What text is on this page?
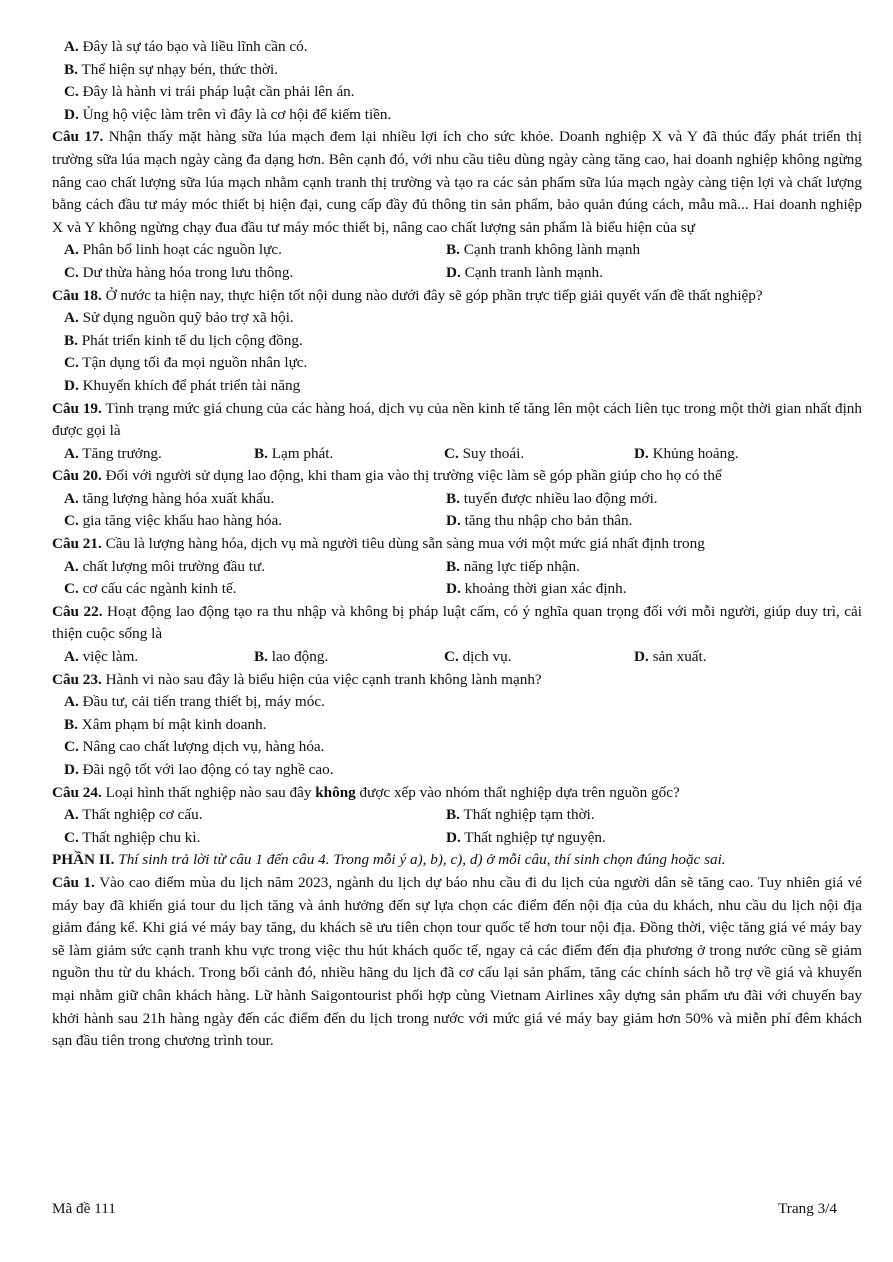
A. Đây là sự táo bạo và liều lĩnh cần có.
B. Thể hiện sự nhạy bén, thức thời.
C. Đây là hành vi trái pháp luật cần phải lên án.
D. Ủng hộ việc làm trên vì đây là cơ hội để kiếm tiền.
Câu 17. Nhận thấy mặt hàng sữa lúa mạch đem lại nhiều lợi ích cho sức khỏe. Doanh nghiệp X và Y đã thúc đẩy phát triển thị trường sữa lúa mạch ngày càng đa dạng hơn. Bên cạnh đó, với nhu cầu tiêu dùng ngày càng tăng cao, hai doanh nghiệp không ngừng nâng cao chất lượng sữa lúa mạch nhằm cạnh tranh thị trường và tạo ra các sản phẩm sữa lúa mạch ngày càng tiện lợi và chất lượng bằng cách đầu tư máy móc thiết bị hiện đại, cung cấp đầy đủ thông tin sản phẩm, bảo quản đúng cách, mẫu mã... Hai doanh nghiệp X và Y không ngừng chạy đua đầu tư máy móc thiết bị, nâng cao chất lượng sản phẩm là biểu hiện của sự
A. Phân bổ linh hoạt các nguồn lực.	B. Cạnh tranh không lành mạnh
C. Dư thừa hàng hóa trong lưu thông.	D. Cạnh tranh lành mạnh.
Câu 18. Ở nước ta hiện nay, thực hiện tốt nội dung nào dưới đây sẽ góp phần trực tiếp giải quyết vấn đề thất nghiệp?
A. Sử dụng nguồn quỹ bảo trợ xã hội.
B. Phát triển kinh tế du lịch cộng đồng.
C. Tận dụng tối đa mọi nguồn nhân lực.
D. Khuyến khích để phát triển tài năng
Câu 19. Tình trạng mức giá chung của các hàng hoá, dịch vụ của nền kinh tế tăng lên một cách liên tục trong một thời gian nhất định được gọi là
A. Tăng trưởng.	B. Lạm phát.	C. Suy thoái.	D. Khủng hoảng.
Câu 20. Đối với người sử dụng lao động, khi tham gia vào thị trường việc làm sẽ góp phần giúp cho họ có thể
A. tăng lượng hàng hóa xuất khẩu.	B. tuyển được nhiều lao động mới.
C. gia tăng việc khẩu hao hàng hóa.	D. tăng thu nhập cho bản thân.
Câu 21. Cầu là lượng hàng hóa, dịch vụ mà người tiêu dùng sẵn sàng mua với một mức giá nhất định trong
A. chất lượng môi trường đầu tư.	B. năng lực tiếp nhận.
C. cơ cấu các ngành kinh tế.	D. khoảng thời gian xác định.
Câu 22. Hoạt động lao động tạo ra thu nhập và không bị pháp luật cấm, có ý nghĩa quan trọng đối với mỗi người, giúp duy trì, cải thiện cuộc sống là
A. việc làm.	B. lao động.	C. dịch vụ.	D. sản xuất.
Câu 23. Hành vi nào sau đây là biểu hiện của việc cạnh tranh không lành mạnh?
A. Đầu tư, cải tiến trang thiết bị, máy móc.
B. Xâm phạm bí mật kinh doanh.
C. Nâng cao chất lượng dịch vụ, hàng hóa.
D. Đãi ngộ tốt với lao động có tay nghề cao.
Câu 24. Loại hình thất nghiệp nào sau đây không được xếp vào nhóm thất nghiệp dựa trên nguồn gốc?
A. Thất nghiệp cơ cấu.	B. Thất nghiệp tạm thời.
C. Thất nghiệp chu kì.	D. Thất nghiệp tự nguyện.
PHẦN II. Thí sinh trả lời từ câu 1 đến câu 4. Trong mỗi ý a), b), c), d) ở mỗi câu, thí sinh chọn đúng hoặc sai.
Câu 1. Vào cao điểm mùa du lịch năm 2023, ngành du lịch dự báo nhu cầu đi du lịch của người dân sẽ tăng cao. Tuy nhiên giá vé máy bay đã khiến giá tour du lịch tăng và ảnh hưởng đến sự lựa chọn các điểm đến nội địa của du khách, nhu cầu du lịch nội địa giảm đáng kể. Khi giá vé máy bay tăng, du khách sẽ ưu tiên chọn tour quốc tế hơn tour nội địa. Đồng thời, việc tăng giá vé máy bay sẽ làm giảm sức cạnh tranh khu vực trong việc thu hút khách quốc tế, ngay cả các điểm đến địa phương ở trong nước cũng sẽ giảm nguồn thu từ du khách. Trong bối cảnh đó, nhiều hãng du lịch đã cơ cấu lại sản phẩm, tăng các chính sách hỗ trợ về giá và khuyến mại nhằm giữ chân khách hàng. Lữ hành Saigontourist phối hợp cùng Vietnam Airlines xây dựng sản phẩm ưu đãi với chuyến bay khởi hành sau 21h hàng ngày đến các điểm đến du lịch trong nước với mức giá vé máy bay giảm hơn 50% và miễn phí đêm khách sạn đầu tiên trong chương trình tour.
Mã đề 111	Trang 3/4
